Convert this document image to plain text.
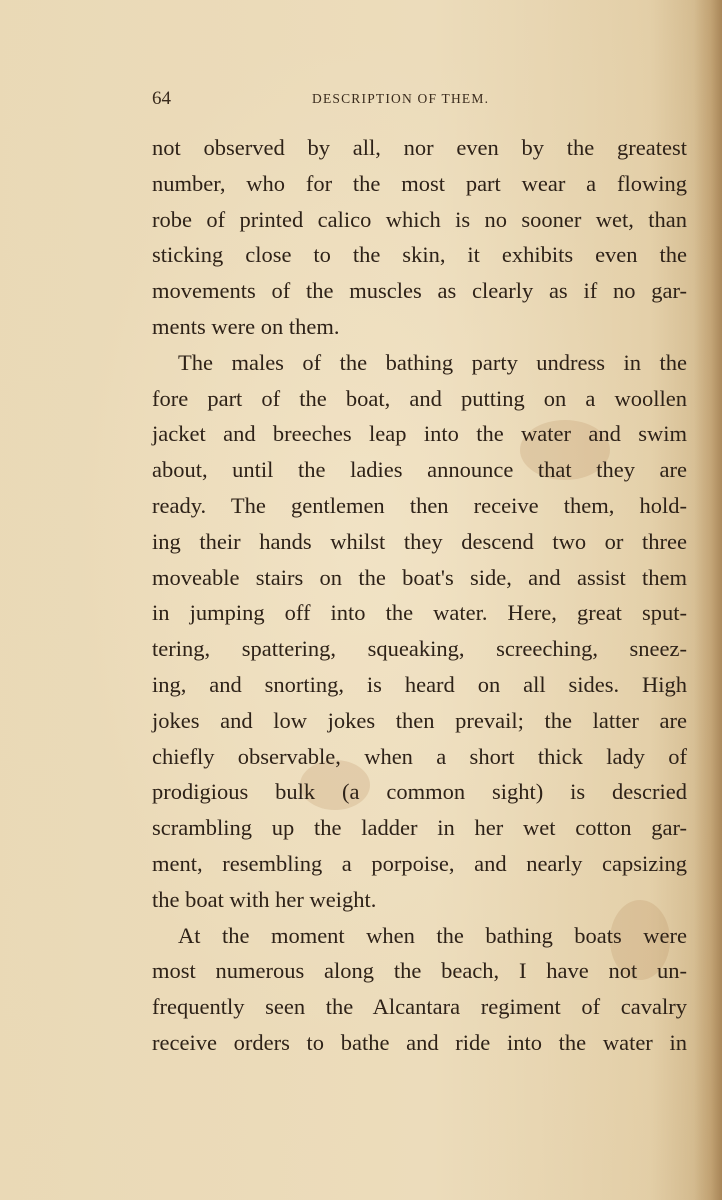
64	DESCRIPTION OF THEM.
not observed by all, nor even by the greatest
number, who for the most part wear a flowing
robe of printed calico which is no sooner wet, than
sticking close to the skin, it exhibits even the
movements of the muscles as clearly as if no gar-
ments were on them.
The males of the bathing party undress in the
fore part of the boat, and putting on a woollen
jacket and breeches leap into the water and swim
about, until the ladies announce that they are
ready. The gentlemen then receive them, hold-
ing their hands whilst they descend two or three
moveable stairs on the boat's side, and assist them
in jumping off into the water. Here, great sput-
tering, spattering, squeaking, screeching, sneez-
ing, and snorting, is heard on all sides. High
jokes and low jokes then prevail; the latter are
chiefly observable, when a short thick lady of
prodigious bulk (a common sight) is descried
scrambling up the ladder in her wet cotton gar-
ment, resembling a porpoise, and nearly capsizing
the boat with her weight.
At the moment when the bathing boats were
most numerous along the beach, I have not un-
frequently seen the Alcantara regiment of cavalry
receive orders to bathe and ride into the water in
